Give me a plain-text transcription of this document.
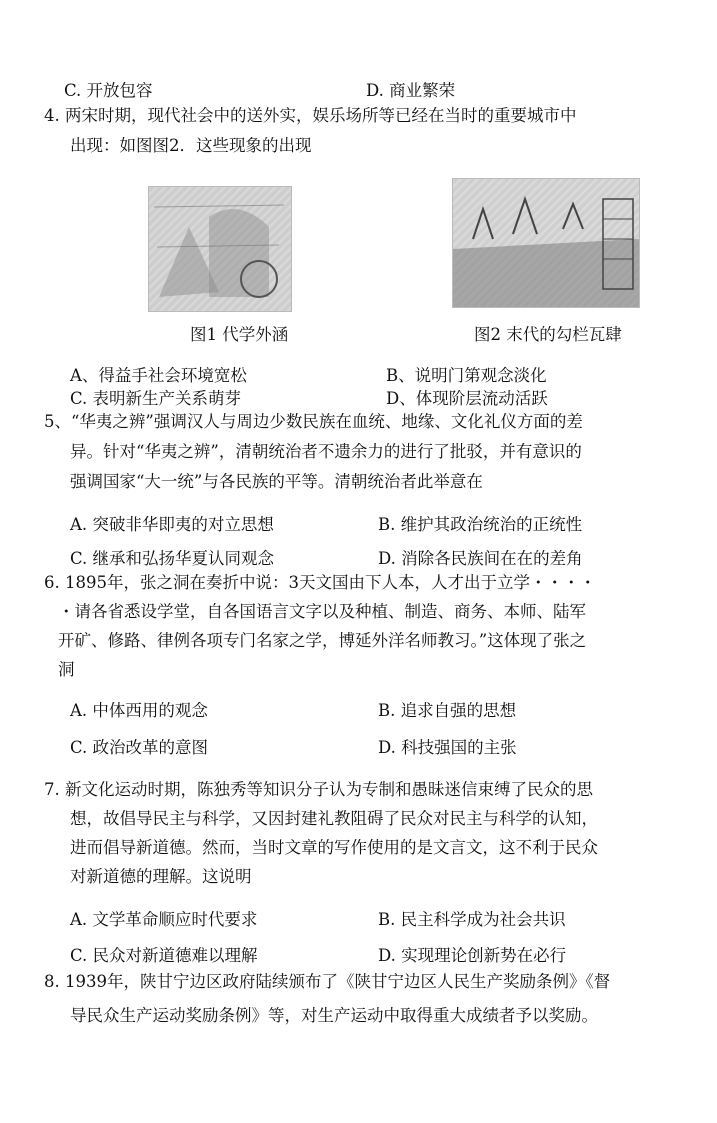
C. 开放包容	D. 商业繁荣
4. 两宋时期，现代社会中的送外实，娱乐场所等已经在当时的重要城市中
出现：如图图2．这些现象的出现
图1 代学外涵	图2 末代的勾栏瓦肆
A、得益手社会环境宽松	B、说明门第观念淡化
C. 表明新生产关系萌芽	D、体现阶层流动活跃
5、“华夷之辨”强调汉人与周边少数民族在血统、地缘、文化礼仪方面的差
异。针对“华夷之辨”，清朝统治者不遗余力的进行了批驳，并有意识的
强调国家“大一统”与各民族的平等。清朝统治者此举意在
A. 突破非华即夷的对立思想	B. 维护其政治统治的正统性
C. 继承和弘扬华夏认同观念	D. 消除各民族间在在的差角
6. 1895年，张之洞在奏折中说：3天文国由下人本，人才出于立学・・・・
・请各省悉设学堂，自各国语言文字以及种植、制造、商务、本师、陆军
开矿、修路、律例各项专门名家之学，博延外洋名师教习。”这体现了张之
洞
A. 中体西用的观念	B. 追求自强的思想
C. 政治改革的意图	D. 科技强国的主张
7. 新文化运动时期，陈独秀等知识分子认为专制和愚昧迷信束缚了民众的思
想，故倡导民主与科学，又因封建礼教阻碍了民众对民主与科学的认知，
进而倡导新道德。然而，当时文章的写作使用的是文言文，这不利于民众
对新道德的理解。这说明
A. 文学革命顺应时代要求	B. 民主科学成为社会共识
C. 民众对新道德难以理解	D. 实现理论创新势在必行
8. 1939年，陕甘宁边区政府陆续颁布了《陕甘宁边区人民生产奖励条例》《督
导民众生产运动奖励条例》等，对生产运动中取得重大成绩者予以奖励。
